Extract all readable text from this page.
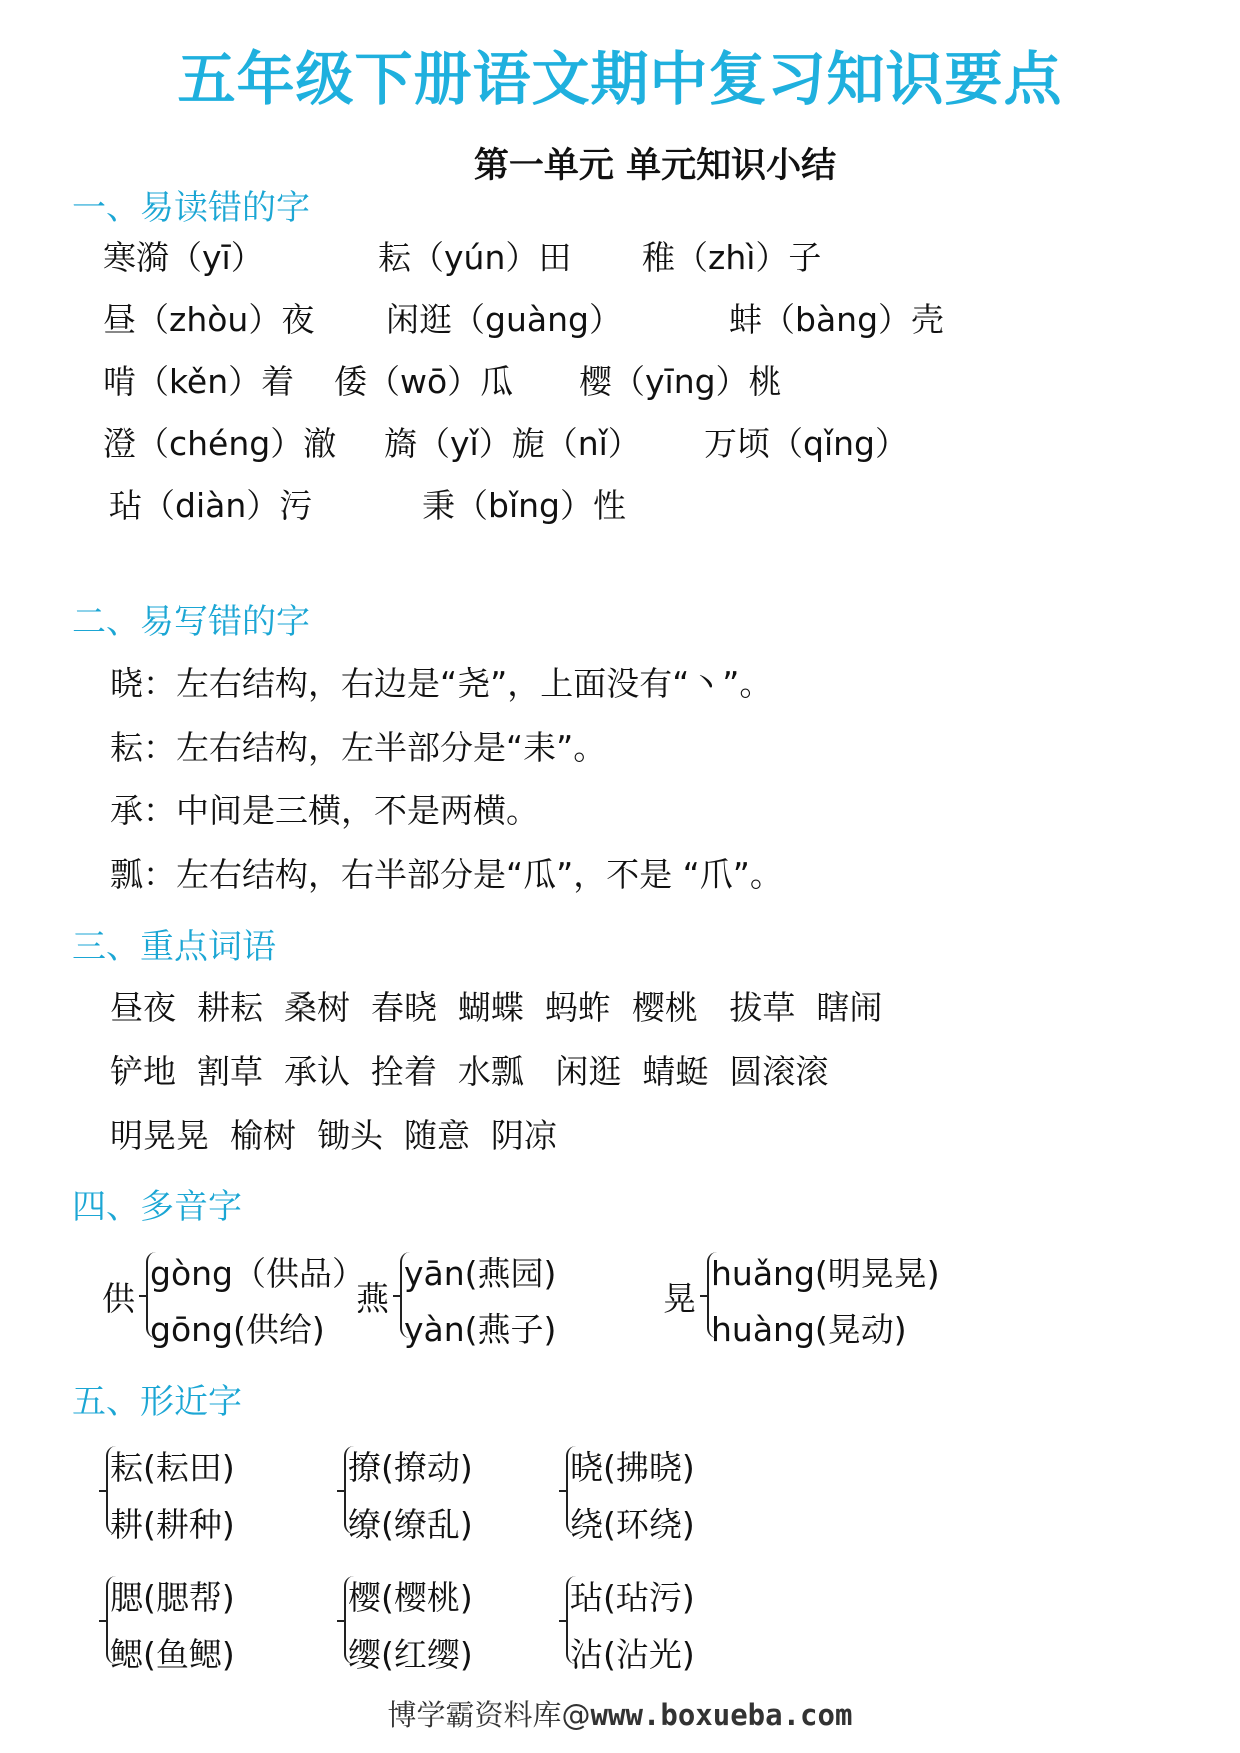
五年级下册语文期中复习知识要点
第一单元 单元知识小结
一、易读错的字
寒漪（yī）	耘（yún）田 稚（zhì）子
昼（zhòu）夜 闲逛（guàng）	蚌（bàng）壳
啃（kěn）着 倭（wō）瓜 樱（yīng）桃
澄（chéng）澈 旖（yǐ）旎（nǐ） 万顷（qǐng）
玷（diàn）污	秉（bǐng）性
二、易写错的字
晓：左右结构，右边是“尧”，上面没有“丶”。
耘：左右结构，左半部分是“耒”。
承：中间是三横，不是两横。
瓢：左右结构，右半部分是“瓜”，不是 “爪”。
三、重点词语
昼夜  耕耘  桑树  春晓  蝴蝶  蚂蚱  樱桃   拔草  瞎闹
铲地  割草  承认  拴着  水瓢   闲逛  蜻蜓  圆滚滚
明晃晃  榆树  锄头  随意  阴凉
四、多音字
供
gòng（供品）
gōng(供给)
燕
yān(燕园)
yàn(燕子)
晃
huǎng(明晃晃)
huàng(晃动)
五、形近字
耘(耘田)
耕(耕种)
撩(撩动)
缭(缭乱)
晓(拂晓)
绕(环绕)
腮(腮帮)
鳃(鱼鳃)
樱(樱桃)
缨(红缨)
玷(玷污)
沾(沾光)
博学霸资料库@www.boxueba.com
